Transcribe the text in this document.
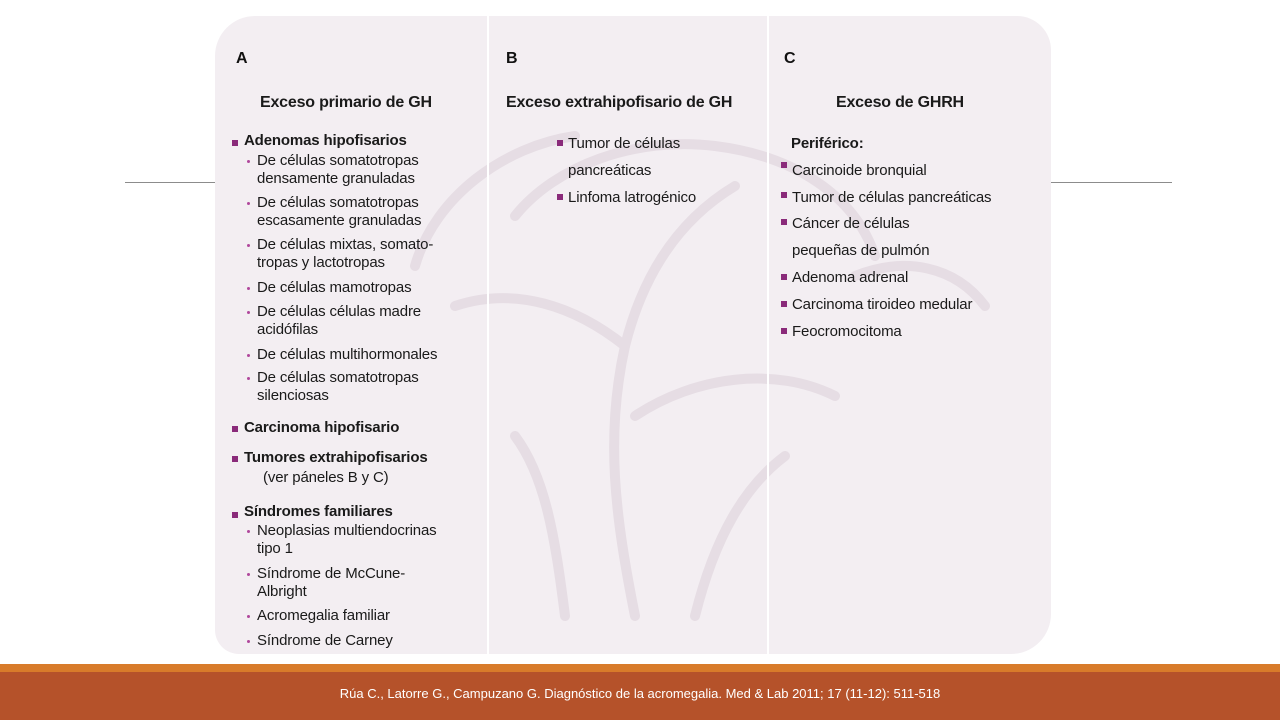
A
Exceso primario de GH
Adenomas hipofisarios
De células somatotropas
densamente granuladas
De células somatotropas
escasamente granuladas
De células mixtas, somato-
tropas y lactotropas
De células mamotropas
De células células madre
acidófilas
De células multihormonales
De células somatotropas
silenciosas
Carcinoma hipofisario
Tumores extrahipofisarios
(ver páneles B y C)
Síndromes familiares
Neoplasias multiendocrinas
tipo 1
Síndrome de McCune-
Albright
Acromegalia familiar
Síndrome de Carney
B
Exceso extrahipofisario de GH
Tumor de células
pancreáticas
Linfoma latrogénico
C
Exceso de GHRH
Periférico:
Carcinoide bronquial
Tumor de células pancreáticas
Cáncer de células
pequeñas de pulmón
Adenoma adrenal
Carcinoma tiroideo medular
Feocromocitoma
Rúa C., Latorre G., Campuzano G. Diagnóstico de la acromegalia. Med & Lab 2011; 17 (11-12): 511-518
